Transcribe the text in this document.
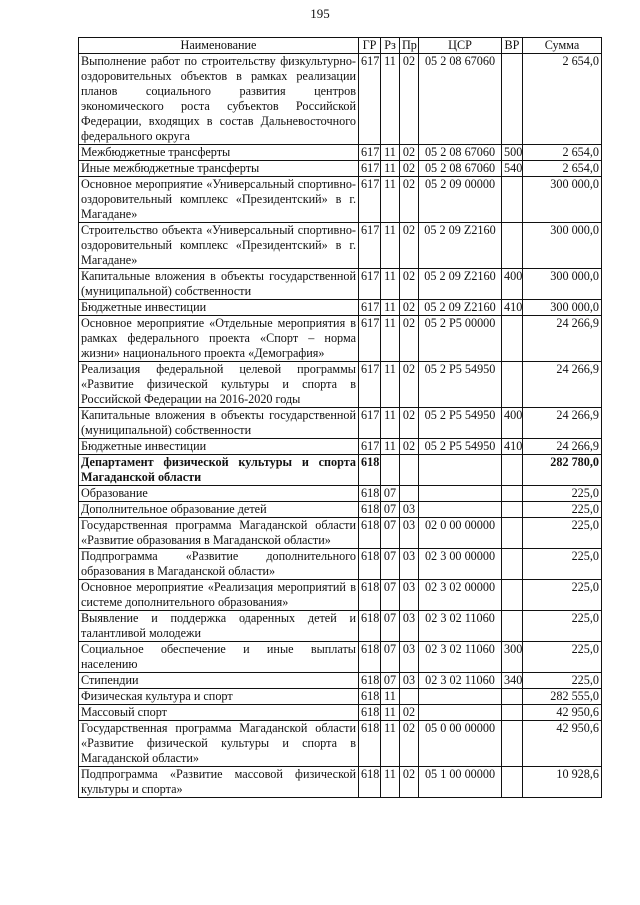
195
Наименование	ГР	Рз	Пр	ЦСР	ВР	Сумма
Выполнение работ по строительству физкультурно-оздоровительных объектов в рамках реализации планов социального развития центров экономического роста субъектов Российской Федерации, входящих в состав Дальневосточного федерального округа	617	11	02	05 2 08 67060		2 654,0
Межбюджетные трансферты	617	11	02	05 2 08 67060	500	2 654,0
Иные межбюджетные трансферты	617	11	02	05 2 08 67060	540	2 654,0
Основное мероприятие «Универсальный спортивно-оздоровительный комплекс «Президентский» в г. Магадане»	617	11	02	05 2 09 00000		300 000,0
Строительство объекта «Универсальный спортивно-оздоровительный комплекс «Президентский» в г. Магадане»	617	11	02	05 2 09 Z2160		300 000,0
Капитальные вложения в объекты государственной (муниципальной) собственности	617	11	02	05 2 09 Z2160	400	300 000,0
Бюджетные инвестиции	617	11	02	05 2 09 Z2160	410	300 000,0
Основное мероприятие «Отдельные мероприятия в рамках федерального проекта «Спорт – норма жизни» национального проекта «Демография»	617	11	02	05 2 P5 00000		24 266,9
Реализация федеральной целевой программы «Развитие физической культуры и спорта в Российской Федерации на 2016-2020 годы	617	11	02	05 2 P5 54950		24 266,9
Капитальные вложения в объекты государственной (муниципальной) собственности	617	11	02	05 2 P5 54950	400	24 266,9
Бюджетные инвестиции	617	11	02	05 2 P5 54950	410	24 266,9
Департамент физической культуры и спорта Магаданской области	618					282 780,0
Образование	618	07				225,0
Дополнительное образование детей	618	07	03			225,0
Государственная программа Магаданской области «Развитие образования в Магаданской области»	618	07	03	02 0 00 00000		225,0
Подпрограмма «Развитие дополнительного образования в Магаданской области»	618	07	03	02 3 00 00000		225,0
Основное мероприятие «Реализация мероприятий в системе дополнительного образования»	618	07	03	02 3 02 00000		225,0
Выявление и поддержка одаренных детей и талантливой молодежи	618	07	03	02 3 02 11060		225,0
Социальное обеспечение и иные выплаты населению	618	07	03	02 3 02 11060	300	225,0
Стипендии	618	07	03	02 3 02 11060	340	225,0
Физическая культура и спорт	618	11				282 555,0
Массовый спорт	618	11	02			42 950,6
Государственная программа Магаданской области «Развитие физической культуры и спорта в Магаданской области»	618	11	02	05 0 00 00000		42 950,6
Подпрограмма «Развитие массовой физической культуры и спорта»	618	11	02	05 1 00 00000		10 928,6
